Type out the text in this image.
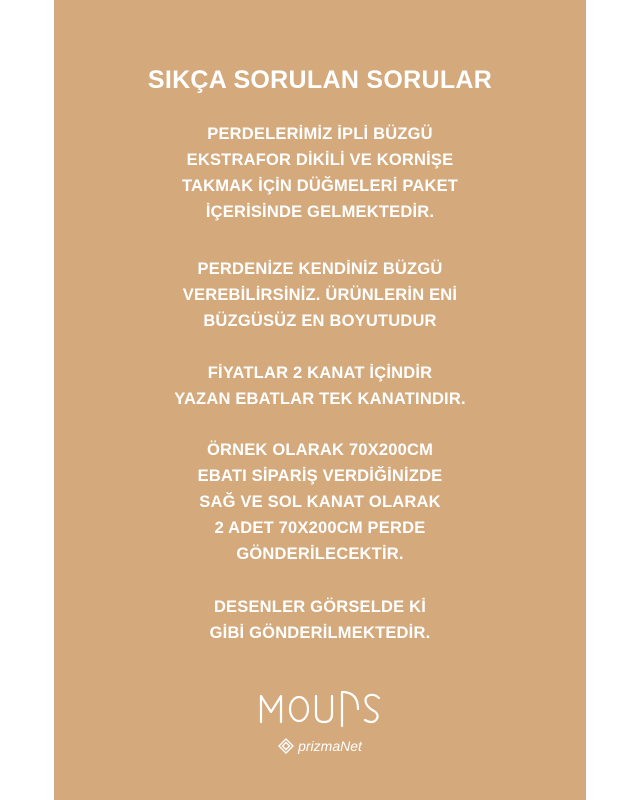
SIKÇA SORULAN SORULAR
PERDELERİMİZ İPLİ BÜZGÜ
EKSTRAFOR DİKİLİ VE KORNİŞE
TAKMAK İÇİN DÜĞMELERİ PAKET
İÇERİSİNDE GELMEKTEDİR.
PERDENİZE KENDİNİZ BÜZGÜ
VEREBİLİRSİNİZ. ÜRÜNLERİN ENİ
BÜZGÜSÜZ EN BOYUTUDUR
FİYATLAR 2 KANAT İÇİNDİR
YAZAN EBATLAR TEK KANATINDIR.
ÖRNEK OLARAK 70X200CM
EBATI SİPARİŞ VERDİĞİNİZDE
SAĞ VE SOL KANAT OLARAK
2 ADET 70X200CM PERDE
GÖNDERİLECEKTİR.
DESENLER GÖRSELDE Kİ
GİBİ GÖNDERİLMEKTEDİR.
prizmaNet
